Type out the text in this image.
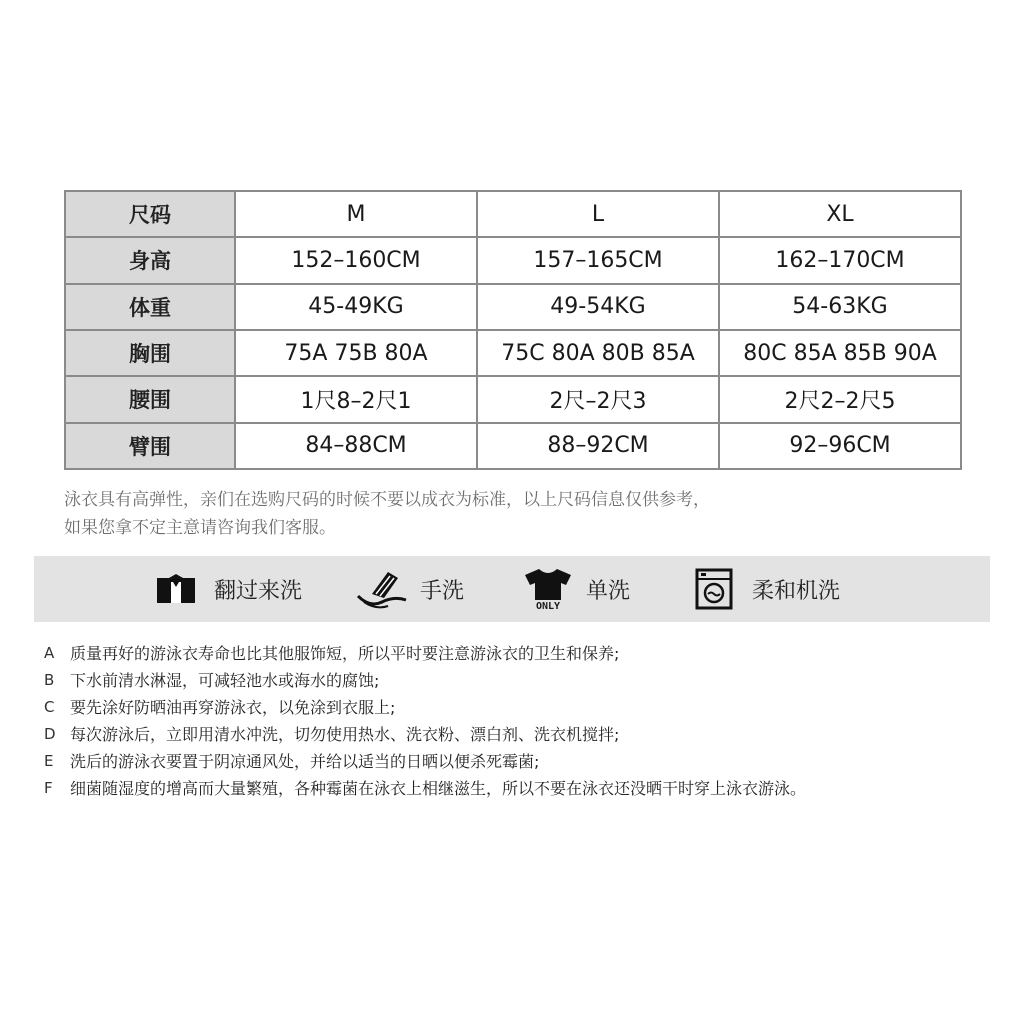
尺码	M	L	XL
身高	152–160CM	157–165CM	162–170CM
体重	45-49KG	49-54KG	54-63KG
胸围	75A 75B 80A	75C 80A 80B 85A	80C 85A 85B 90A
腰围	1尺8–2尺1	2尺–2尺3	2尺2–2尺5
臂围	84–88CM	88–92CM	92–96CM

泳衣具有高弹性，亲们在选购尺码的时候不要以成衣为标准，以上尺码信息仅供参考，

如果您拿不定主意请咨询我们客服。

翻过来洗	手洗
ONLY
单洗	柔和机洗
A 质量再好的游泳衣寿命也比其他服饰短，所以平时要注意游泳衣的卫生和保养;
B 下水前清水淋湿，可减轻池水或海水的腐蚀;
C 要先涂好防晒油再穿游泳衣，以免涂到衣服上;
D 每次游泳后，立即用清水冲洗，切勿使用热水、洗衣粉、漂白剂、洗衣机搅拌;
E	洗后的游泳衣要置于阴凉通风处，并给以适当的日晒以便杀死霉菌;
F	细菌随湿度的增高而大量繁殖，各种霉菌在泳衣上相继滋生，所以不要在泳衣还没晒干时穿上泳衣游泳。
